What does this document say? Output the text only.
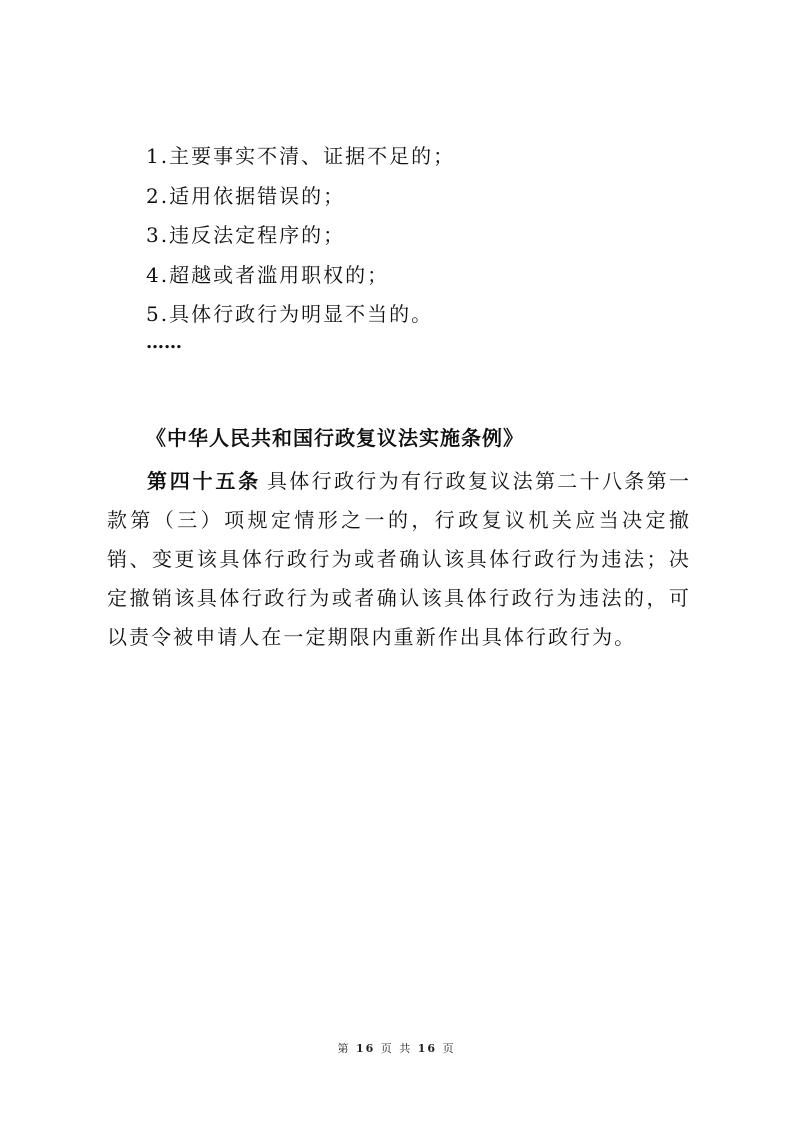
1.主要事实不清、证据不足的；
2.适用依据错误的；
3.违反法定程序的；
4.超越或者滥用职权的；
5.具体行政行为明显不当的。
……
《中华人民共和国行政复议法实施条例》
第四十五条 具体行政行为有行政复议法第二十八条第一款第（三）项规定情形之一的，行政复议机关应当决定撤销、变更该具体行政行为或者确认该具体行政行为违法；决定撤销该具体行政行为或者确认该具体行政行为违法的，可以责令被申请人在一定期限内重新作出具体行政行为。
第 16 页 共 16 页
